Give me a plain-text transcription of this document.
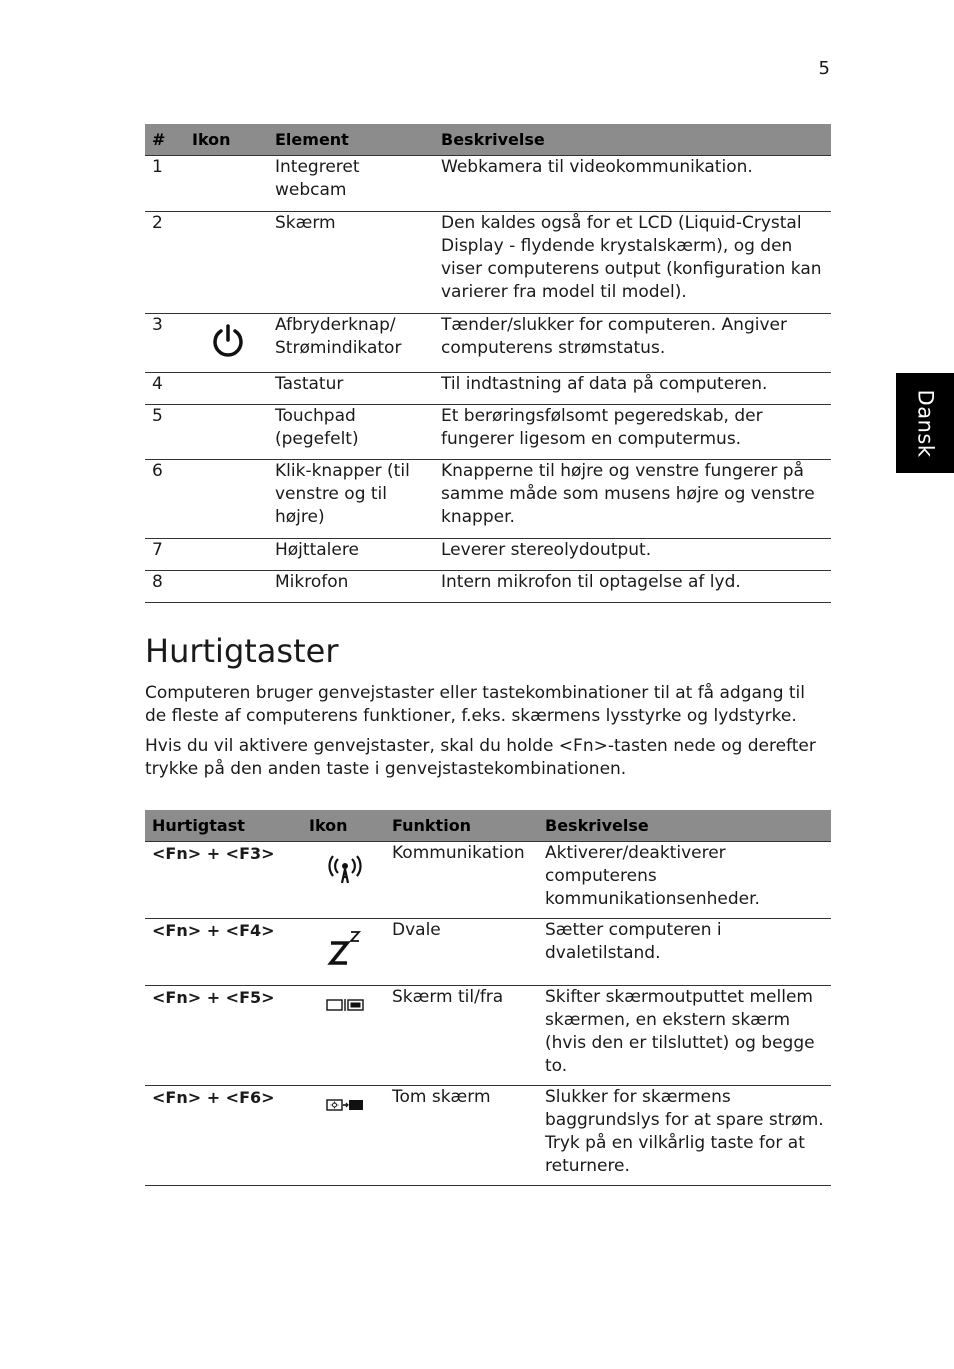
5
Dansk
#	Ikon	Element	Beskrivelse
1		Integreret webcam	Webkamera til videokommunikation.
2		Skærm	Den kaldes også for et LCD (Liquid-Crystal Display - flydende krystalskærm), og den viser computerens output (konfiguration kan varierer fra model til model).
3		Afbryderknap/ Strømindikator	Tænder/slukker for computeren. Angiver computerens strømstatus.
4		Tastatur	Til indtastning af data på computeren.
5		Touchpad (pegefelt)	Et berøringsfølsomt pegeredskab, der fungerer ligesom en computermus.
6		Klik-knapper (til venstre og til højre)	Knapperne til højre og venstre fungerer på samme måde som musens højre og venstre knapper.
7		Højttalere	Leverer stereolydoutput.
8		Mikrofon	Intern mikrofon til optagelse af lyd.
Hurtigtaster

Computeren bruger genvejstaster eller tastekombinationer til at få adgang til de fleste af computerens funktioner, f.eks. skærmens lysstyrke og lydstyrke.

Hvis du vil aktivere genvejstaster, skal du holde <Fn>-tasten nede og derefter trykke på den anden taste i genvejstastekombinationen.

Hurtigtast	Ikon	Funktion	Beskrivelse
<Fn> + <F3>		Kommunikation	Aktiverer/deaktiverer computerens kommunikationsenheder.
<Fn> + <F4>		Dvale	Sætter computeren i dvaletilstand.
<Fn> + <F5>		Skærm til/fra	Skifter skærmoutputtet mellem skærmen, en ekstern skærm (hvis den er tilsluttet) og begge to.
<Fn> + <F6>		Tom skærm	Slukker for skærmens baggrundslys for at spare strøm. Tryk på en vilkårlig taste for at returnere.
